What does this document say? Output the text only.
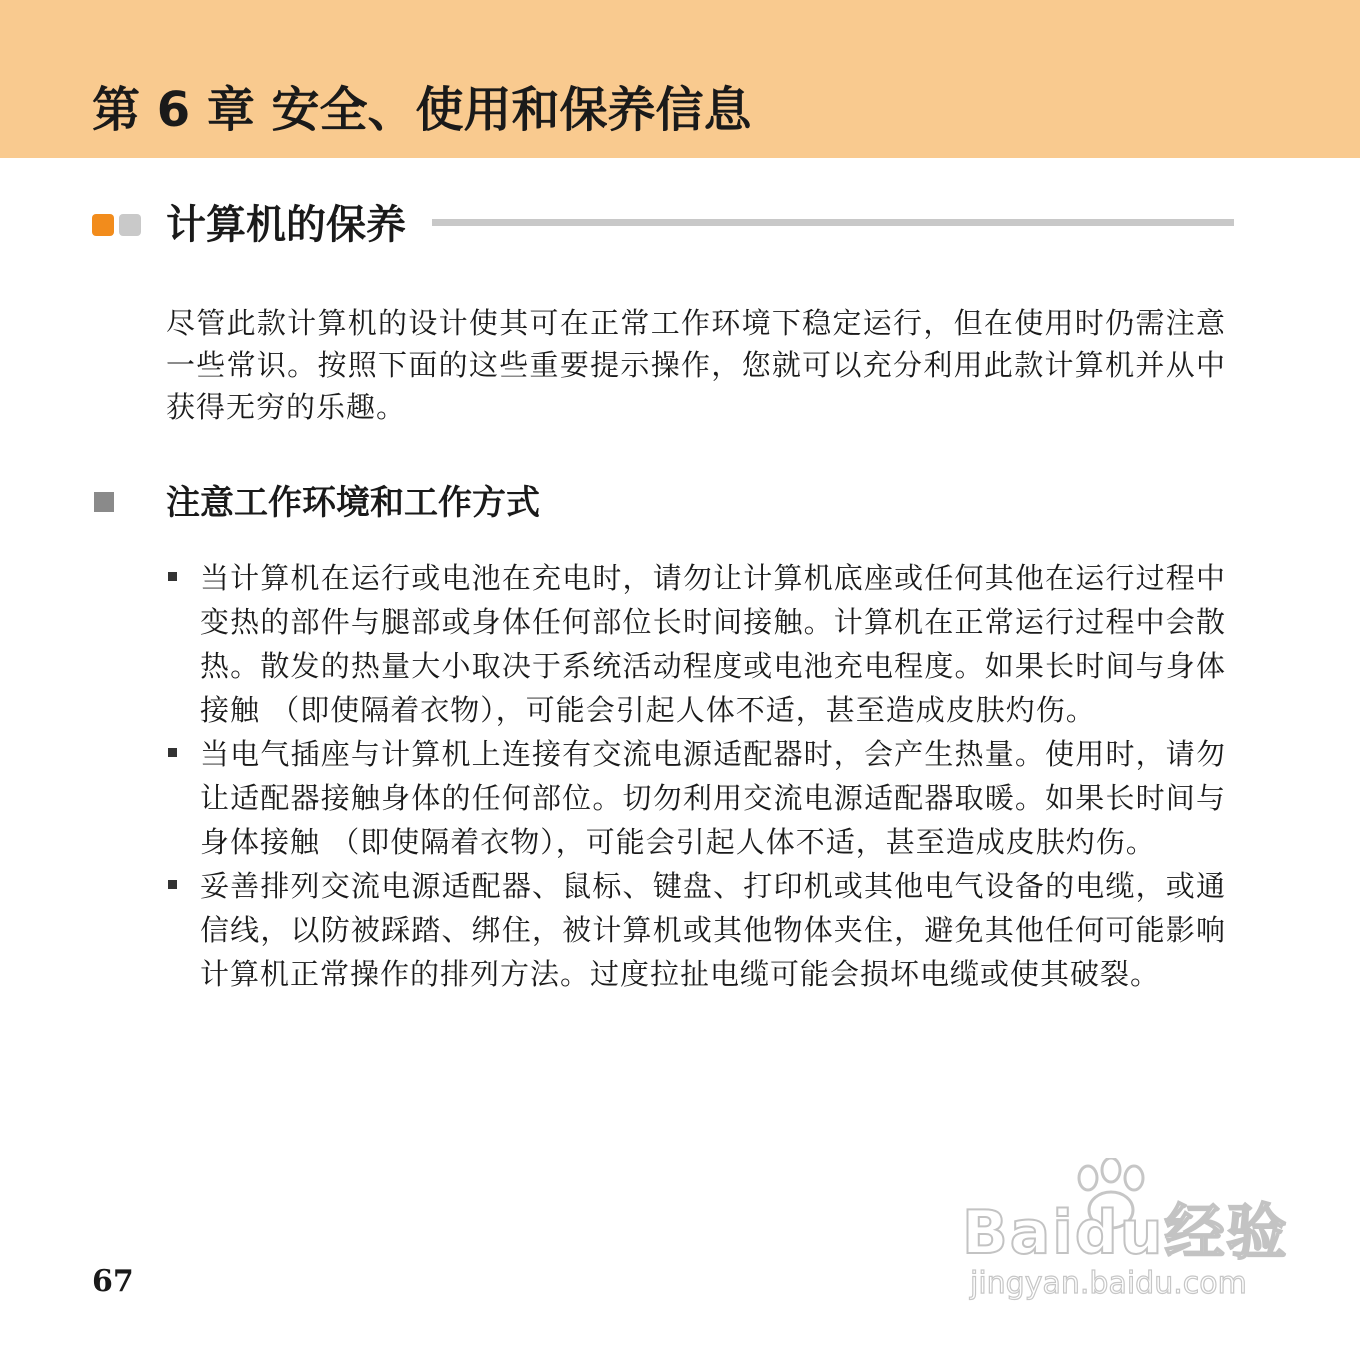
第 6 章 安全、使用和保养信息
计算机的保养

尽管此款计算机的设计使其可在正常工作环境下稳定运行，但在使用时仍需注意一些常识。按照下面的这些重要提示操作，您就可以充分利用此款计算机并从中获得无穷的乐趣。

注意工作环境和工作方式
当计算机在运行或电池在充电时，请勿让计算机底座或任何其他在运行过程中变热的部件与腿部或身体任何部位长时间接触。计算机在正常运行过程中会散热。散发的热量大小取决于系统活动程度或电池充电程度。如果长时间与身体接触 （即使隔着衣物），可能会引起人体不适，甚至造成皮肤灼伤。
当电气插座与计算机上连接有交流电源适配器时，会产生热量。使用时，请勿让适配器接触身体的任何部位。切勿利用交流电源适配器取暖。如果长时间与身体接触 （即使隔着衣物），可能会引起人体不适，甚至造成皮肤灼伤。
妥善排列交流电源适配器、鼠标、键盘、打印机或其他电气设备的电缆，或通信线，以防被踩踏、绑住，被计算机或其他物体夹住，避免其他任何可能影响计算机正常操作的排列方法。过度拉扯电缆可能会损坏电缆或使其破裂。
67
Baidu经验
jingyan.baidu.com
